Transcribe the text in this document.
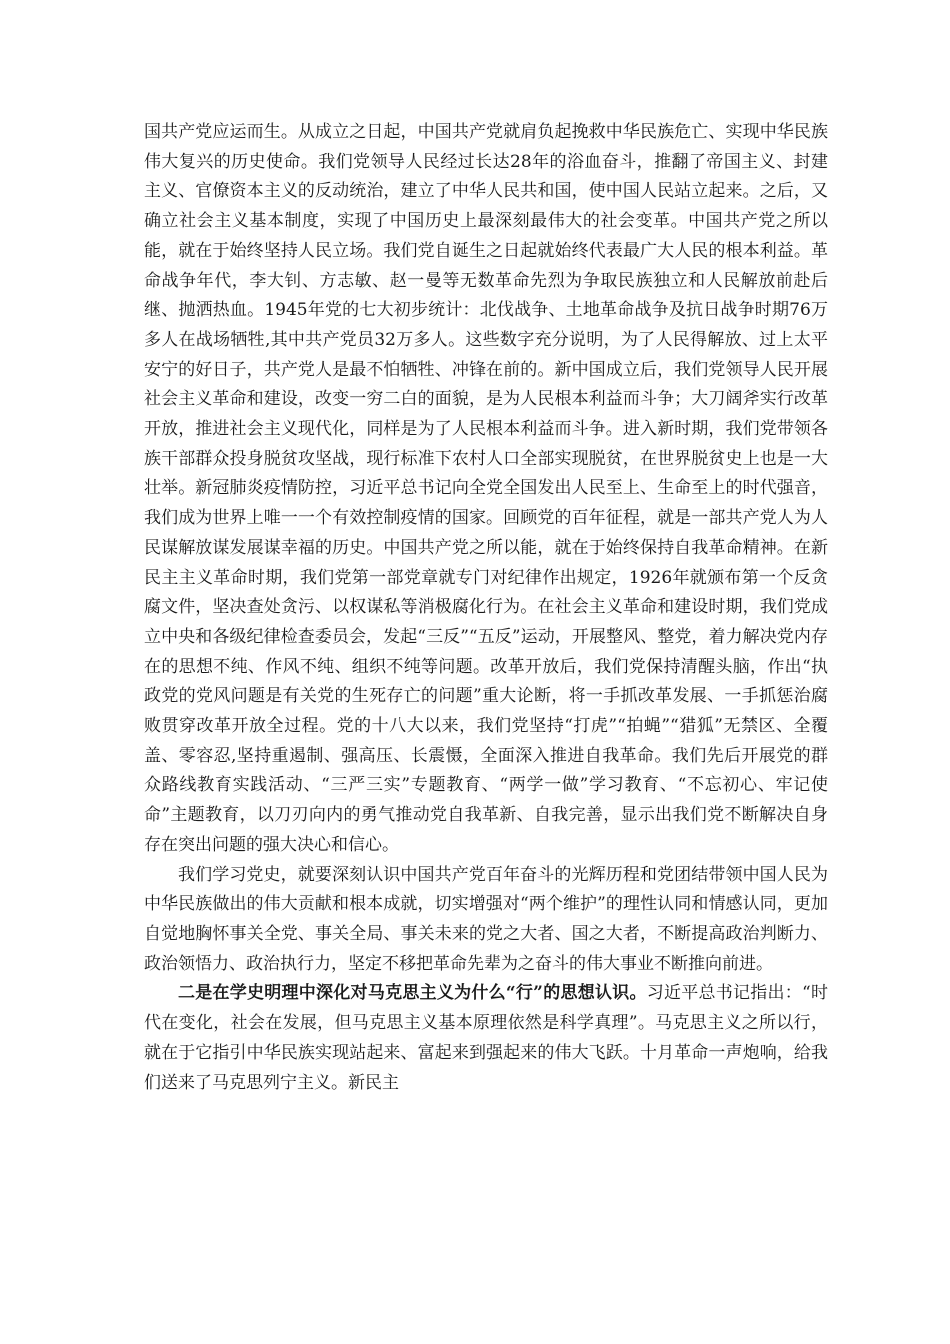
国共产党应运而生。从成立之日起，中国共产党就肩负起挽救中华民族危亡、实现中华民族伟大复兴的历史使命。我们党领导人民经过长达28年的浴血奋斗，推翻了帝国主义、封建主义、官僚资本主义的反动统治，建立了中华人民共和国，使中国人民站立起来。之后，又确立社会主义基本制度，实现了中国历史上最深刻最伟大的社会变革。中国共产党之所以能，就在于始终坚持人民立场。我们党自诞生之日起就始终代表最广大人民的根本利益。革命战争年代，李大钊、方志敏、赵一曼等无数革命先烈为争取民族独立和人民解放前赴后继、抛洒热血。1945年党的七大初步统计：北伐战争、土地革命战争及抗日战争时期76万多人在战场牺牲,其中共产党员32万多人。这些数字充分说明，为了人民得解放、过上太平安宁的好日子，共产党人是最不怕牺牲、冲锋在前的。新中国成立后，我们党领导人民开展社会主义革命和建设，改变一穷二白的面貌，是为人民根本利益而斗争；大刀阔斧实行改革开放，推进社会主义现代化，同样是为了人民根本利益而斗争。进入新时期，我们党带领各族干部群众投身脱贫攻坚战，现行标准下农村人口全部实现脱贫，在世界脱贫史上也是一大壮举。新冠肺炎疫情防控，习近平总书记向全党全国发出人民至上、生命至上的时代强音，我们成为世界上唯一一个有效控制疫情的国家。回顾党的百年征程，就是一部共产党人为人民谋解放谋发展谋幸福的历史。中国共产党之所以能，就在于始终保持自我革命精神。在新民主主义革命时期，我们党第一部党章就专门对纪律作出规定，1926年就颁布第一个反贪腐文件，坚决查处贪污、以权谋私等消极腐化行为。在社会主义革命和建设时期，我们党成立中央和各级纪律检查委员会，发起“三反”“五反”运动，开展整风、整党，着力解决党内存在的思想不纯、作风不纯、组织不纯等问题。改革开放后，我们党保持清醒头脑，作出“执政党的党风问题是有关党的生死存亡的问题”重大论断，将一手抓改革发展、一手抓惩治腐败贯穿改革开放全过程。党的十八大以来，我们党坚持“打虎”“拍蝇”“猎狐”无禁区、全覆盖、零容忍,坚持重遏制、强高压、长震慑，全面深入推进自我革命。我们先后开展党的群众路线教育实践活动、“三严三实”专题教育、“两学一做”学习教育、“不忘初心、牢记使命”主题教育，以刀刃向内的勇气推动党自我革新、自我完善，显示出我们党不断解决自身存在突出问题的强大决心和信心。

我们学习党史，就要深刻认识中国共产党百年奋斗的光辉历程和党团结带领中国人民为中华民族做出的伟大贡献和根本成就，切实增强对“两个维护”的理性认同和情感认同，更加自觉地胸怀事关全党、事关全局、事关未来的党之大者、国之大者，不断提高政治判断力、政治领悟力、政治执行力，坚定不移把革命先辈为之奋斗的伟大事业不断推向前进。

二是在学史明理中深化对马克思主义为什么“行”的思想认识。习近平总书记指出：“时代在变化，社会在发展，但马克思主义基本原理依然是科学真理”。马克思主义之所以行，就在于它指引中华民族实现站起来、富起来到强起来的伟大飞跃。十月革命一声炮响，给我们送来了马克思列宁主义。新民主
